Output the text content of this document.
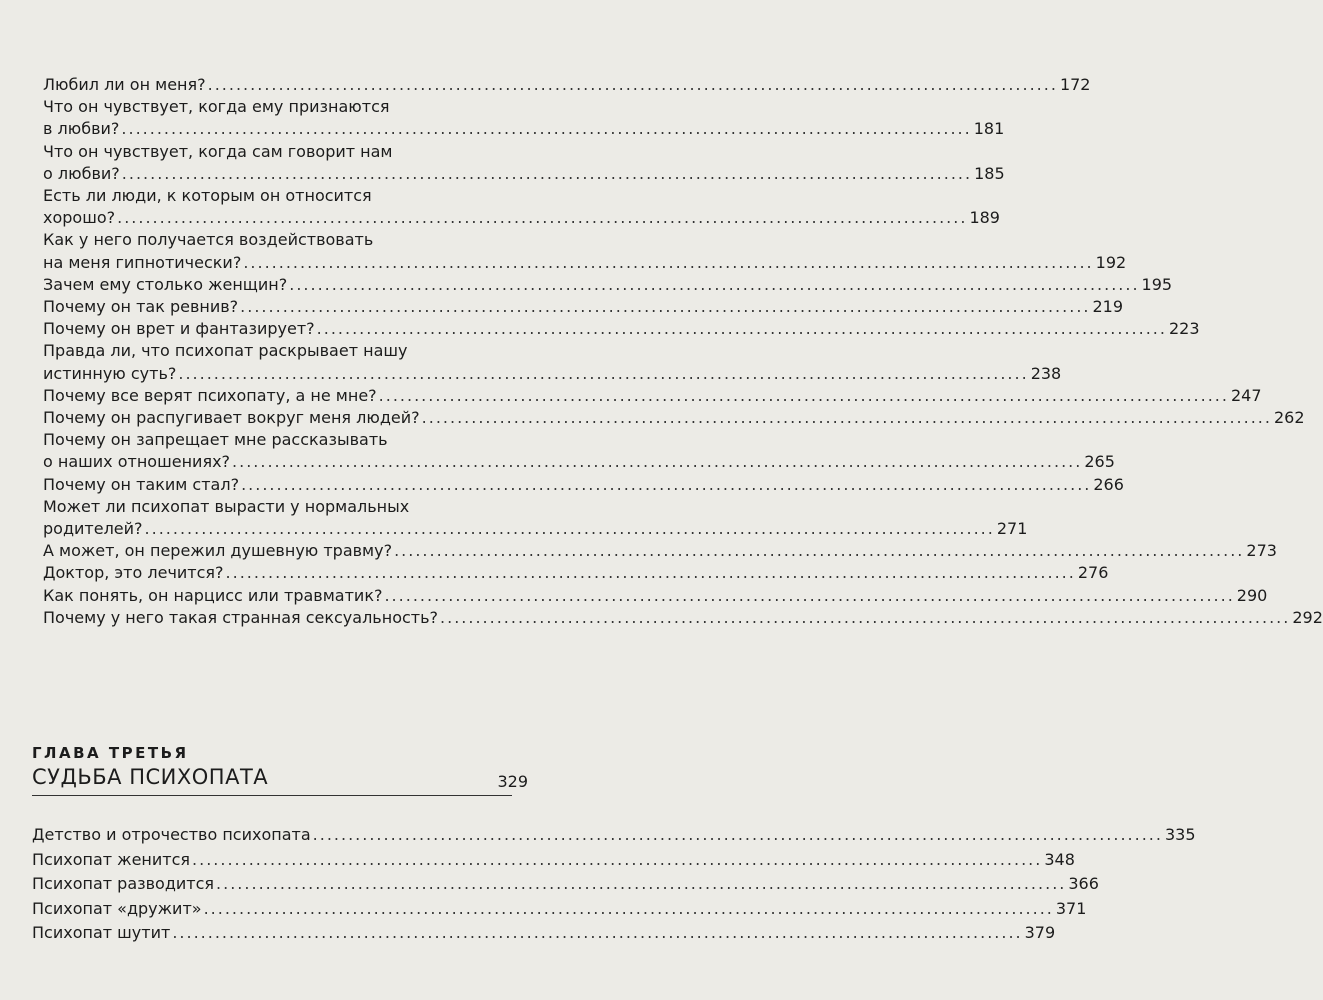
Любил ли он меня? ........................................................................................................................ 172
Что он чувствует, когда ему признаются
в любви? ........................................................................................................................ 181
Что он чувствует, когда сам говорит нам
о любви? ........................................................................................................................ 185
Есть ли люди, к которым он относится
хорошо? ........................................................................................................................ 189
Как у него получается воздействовать
на меня гипнотически? ........................................................................................................................ 192
Зачем ему столько женщин? ........................................................................................................................ 195
Почему он так ревнив? ........................................................................................................................ 219
Почему он врет и фантазирует? ........................................................................................................................ 223
Правда ли, что психопат раскрывает нашу
истинную суть? ........................................................................................................................ 238
Почему все верят психопату, а не мне? ........................................................................................................................ 247
Почему он распугивает вокруг меня людей? ........................................................................................................................ 262
Почему он запрещает мне рассказывать
о наших отношениях? ........................................................................................................................ 265
Почему он таким стал? ........................................................................................................................ 266
Может ли психопат вырасти у нормальных
родителей? ........................................................................................................................ 271
А может, он пережил душевную травму? ........................................................................................................................ 273
Доктор, это лечится? ........................................................................................................................ 276
Как понять, он нарцисс или травматик? ........................................................................................................................ 290
Почему у него такая странная сексуальность? ........................................................................................................................ 292
ГЛАВА ТРЕТЬЯ
СУДЬБА ПСИХОПАТА	329
Детство и отрочество психопата ........................................................................................................................ 335
Психопат женится ........................................................................................................................ 348
Психопат разводится ........................................................................................................................ 366
Психопат «дружит» ........................................................................................................................ 371
Психопат шутит ........................................................................................................................ 379
